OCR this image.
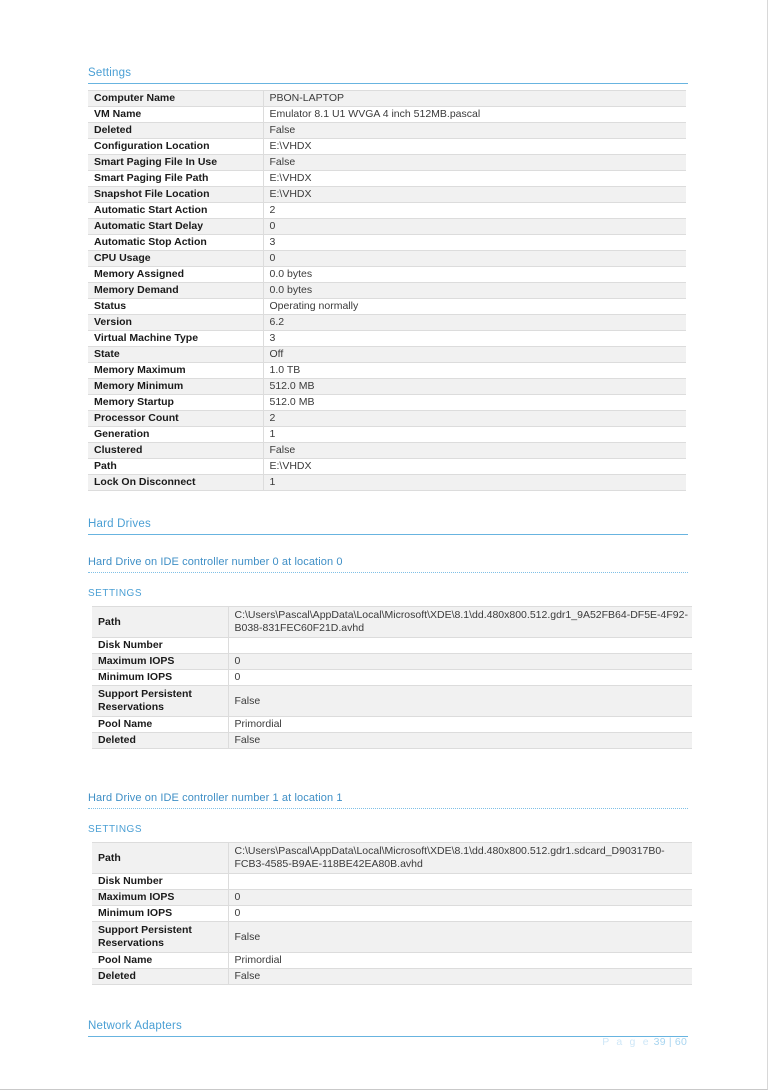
Settings
Computer Name	PBON-LAPTOP
VM Name	Emulator 8.1 U1 WVGA 4 inch 512MB.pascal
Deleted	False
Configuration Location	E:\VHDX
Smart Paging File In Use	False
Smart Paging File Path	E:\VHDX
Snapshot File Location	E:\VHDX
Automatic Start Action	2
Automatic Start Delay	0
Automatic Stop Action	3
CPU Usage	0
Memory Assigned	0.0 bytes
Memory Demand	0.0 bytes
Status	Operating normally
Version	6.2
Virtual Machine Type	3
State	Off
Memory Maximum	1.0 TB
Memory Minimum	512.0 MB
Memory Startup	512.0 MB
Processor Count	2
Generation	1
Clustered	False
Path	E:\VHDX
Lock On Disconnect	1
Hard Drives
Hard Drive on IDE controller number 0 at location 0
SETTINGS
Path	C:\Users\Pascal\AppData\Local\Microsoft\XDE\8.1\dd.480x800.512.gdr1_9A52FB64-DF5E-4F92-B038-831FEC60F21D.avhd
Disk Number	
Maximum IOPS	0
Minimum IOPS	0
Support Persistent Reservations	False
Pool Name	Primordial
Deleted	False
Hard Drive on IDE controller number 1 at location 1
SETTINGS
Path	C:\Users\Pascal\AppData\Local\Microsoft\XDE\8.1\dd.480x800.512.gdr1.sdcard_D90317B0-FCB3-4585-B9AE-118BE42EA80B.avhd
Disk Number	
Maximum IOPS	0
Minimum IOPS	0
Support Persistent Reservations	False
Pool Name	Primordial
Deleted	False
Network Adapters
P a g e 39 | 60
